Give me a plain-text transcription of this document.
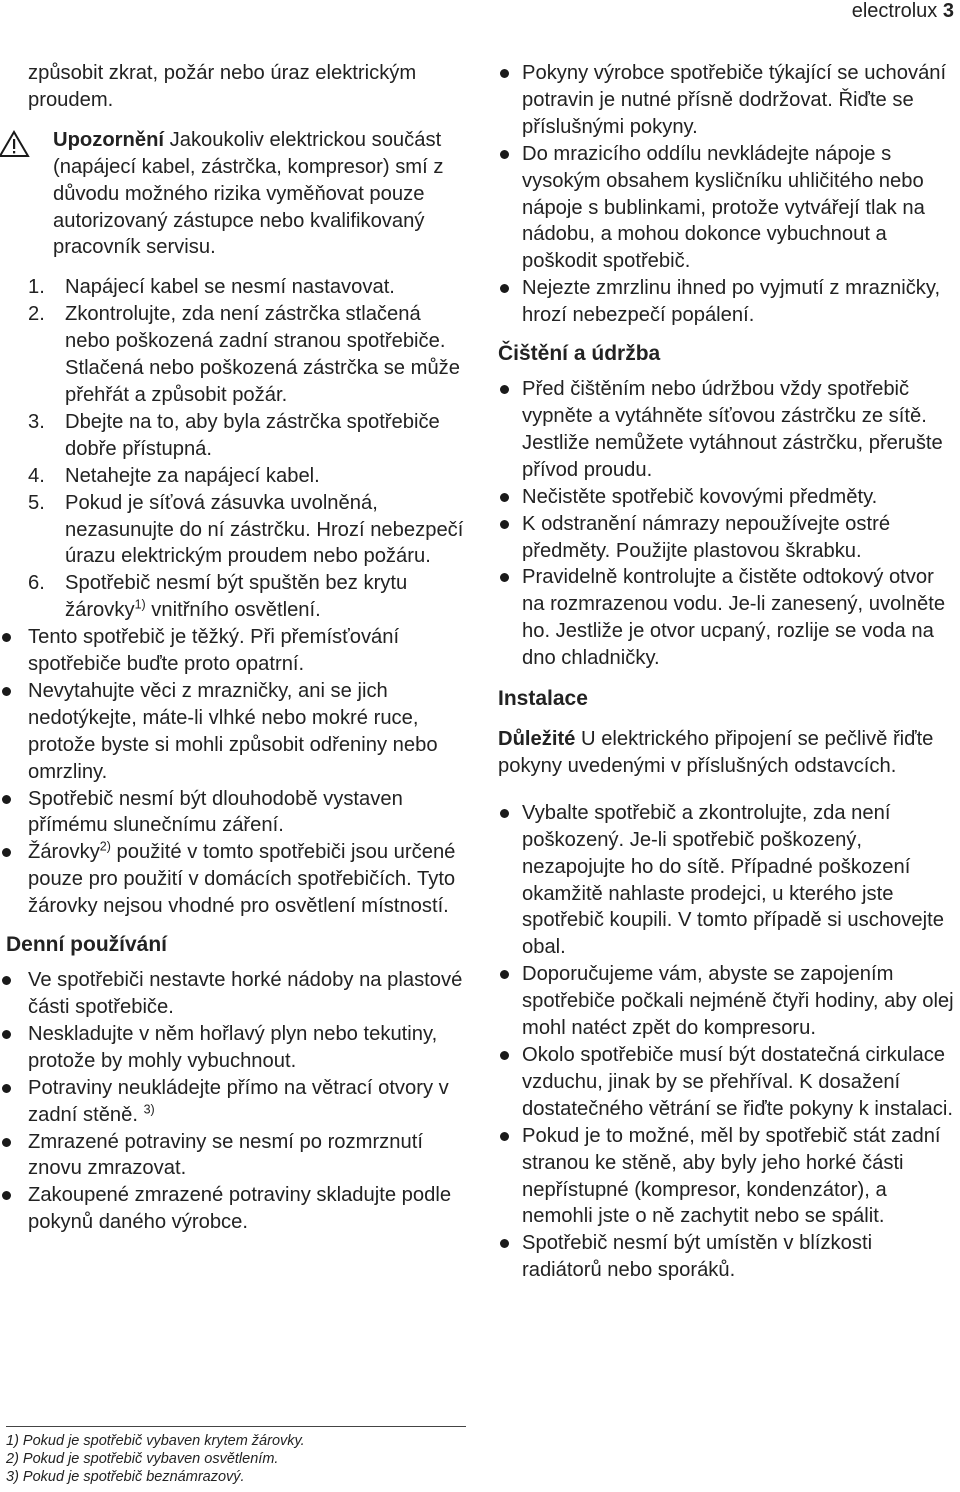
electrolux 3

způsobit zkrat, požár nebo úraz elektrickým proudem.

Upozornění Jakoukoliv elektrickou součást (napájecí kabel, zástrčka, kompresor) smí z důvodu možného rizika vyměňovat pouze autorizovaný zástupce nebo kvalifikovaný pracovník servisu.
1. Napájecí kabel se nesmí nastavovat.
2. Zkontrolujte, zda není zástrčka stlačená nebo poškozená zadní stranou spotřebiče. Stlačená nebo poškozená zástrčka se může přehřát a způsobit požár.
3. Dbejte na to, aby byla zástrčka spotřebiče dobře přístupná.
4. Netahejte za napájecí kabel.
5. Pokud je síťová zásuvka uvolněná, nezasunujte do ní zástrčku. Hrozí nebezpečí úrazu elektrickým proudem nebo požáru.
6. Spotřebič nesmí být spuštěn bez krytu žárovky$^{1)}$ vnitřního osvětlení.
Tento spotřebič je těžký. Při přemísťování spotřebiče buďte proto opatrní.
Nevytahujte věci z mrazničky, ani se jich nedotýkejte, máte-li vlhké nebo mokré ruce, protože byste si mohli způsobit odřeniny nebo omrzliny.
Spotřebič nesmí být dlouhodobě vystaven přímému slunečnímu záření.
Žárovky$^{2)}$ použité v tomto spotřebiči jsou určené pouze pro použití v domácích spotřebičích. Tyto žárovky nejsou vhodné pro osvětlení místností.
Denní používání
Ve spotřebiči nestavte horké nádoby na plastové části spotřebiče.
Neskladujte v něm hořlavý plyn nebo tekutiny, protože by mohly vybuchnout.
Potraviny neukládejte přímo na větrací otvory v zadní stěně. $^{3)}$
Zmrazené potraviny se nesmí po rozmrznutí znovu zmrazovat.
Zakoupené zmrazené potraviny skladujte podle pokynů daného výrobce.
Pokyny výrobce spotřebiče týkající se uchování potravin je nutné přísně dodržovat. Řiďte se příslušnými pokyny.
Do mrazicího oddílu nevkládejte nápoje s vysokým obsahem kysličníku uhličitého nebo nápoje s bublinkami, protože vytvářejí tlak na nádobu, a mohou dokonce vybuchnout a poškodit spotřebič.
Nejezte zmrzlinu ihned po vyjmutí z mrazničky, hrozí nebezpečí popálení.
Čištění a údržba
Před čištěním nebo údržbou vždy spotřebič vypněte a vytáhněte síťovou zástrčku ze sítě. Jestliže nemůžete vytáhnout zástrčku, přerušte přívod proudu.
Nečistěte spotřebič kovovými předměty.
K odstranění námrazy nepoužívejte ostré předměty. Použijte plastovou škrabku.
Pravidelně kontrolujte a čistěte odtokový otvor na rozmrazenou vodu. Je-li zanesený, uvolněte ho. Jestliže je otvor ucpaný, rozlije se voda na dno chladničky.
Instalace

Důležité U elektrického připojení se pečlivě řiďte pokyny uvedenými v příslušných odstavcích.

Vybalte spotřebič a zkontrolujte, zda není poškozený. Je-li spotřebič poškozený, nezapojujte ho do sítě. Případné poškození okamžitě nahlaste prodejci, u kterého jste spotřebič koupili. V tomto případě si uschovejte obal.
Doporučujeme vám, abyste se zapojením spotřebiče počkali nejméně čtyři hodiny, aby olej mohl natéct zpět do kompresoru.
Okolo spotřebiče musí být dostatečná cirkulace vzduchu, jinak by se přehříval. K dosažení dostatečného větrání se řiďte pokyny k instalaci.
Pokud je to možné, měl by spotřebič stát zadní stranou ke stěně, aby byly jeho horké části nepřístupné (kompresor, kondenzátor), a nemohli jste o ně zachytit nebo se spálit.
Spotřebič nesmí být umístěn v blízkosti radiátorů nebo sporáků.
1) Pokud je spotřebič vybaven krytem žárovky.
2) Pokud je spotřebič vybaven osvětlením.
3) Pokud je spotřebič beznámrazový.
